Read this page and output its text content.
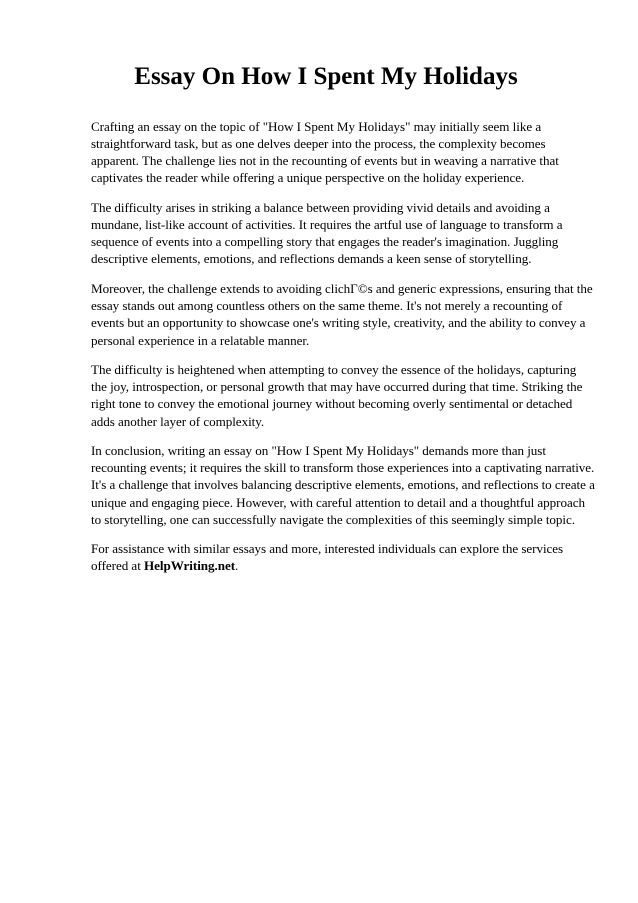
Essay On How I Spent My Holidays

Crafting an essay on the topic of "How I Spent My Holidays" may initially seem like a
straightforward task, but as one delves deeper into the process, the complexity becomes
apparent. The challenge lies not in the recounting of events but in weaving a narrative that
captivates the reader while offering a unique perspective on the holiday experience.

The difficulty arises in striking a balance between providing vivid details and avoiding a
mundane, list-like account of activities. It requires the artful use of language to transform a
sequence of events into a compelling story that engages the reader's imagination. Juggling
descriptive elements, emotions, and reflections demands a keen sense of storytelling.

Moreover, the challenge extends to avoiding clichГ©s and generic expressions, ensuring that the
essay stands out among countless others on the same theme. It's not merely a recounting of
events but an opportunity to showcase one's writing style, creativity, and the ability to convey a
personal experience in a relatable manner.

The difficulty is heightened when attempting to convey the essence of the holidays, capturing
the joy, introspection, or personal growth that may have occurred during that time. Striking the
right tone to convey the emotional journey without becoming overly sentimental or detached
adds another layer of complexity.

In conclusion, writing an essay on "How I Spent My Holidays" demands more than just
recounting events; it requires the skill to transform those experiences into a captivating narrative.
It's a challenge that involves balancing descriptive elements, emotions, and reflections to create a
unique and engaging piece. However, with careful attention to detail and a thoughtful approach
to storytelling, one can successfully navigate the complexities of this seemingly simple topic.

For assistance with similar essays and more, interested individuals can explore the services
offered at HelpWriting.net.
